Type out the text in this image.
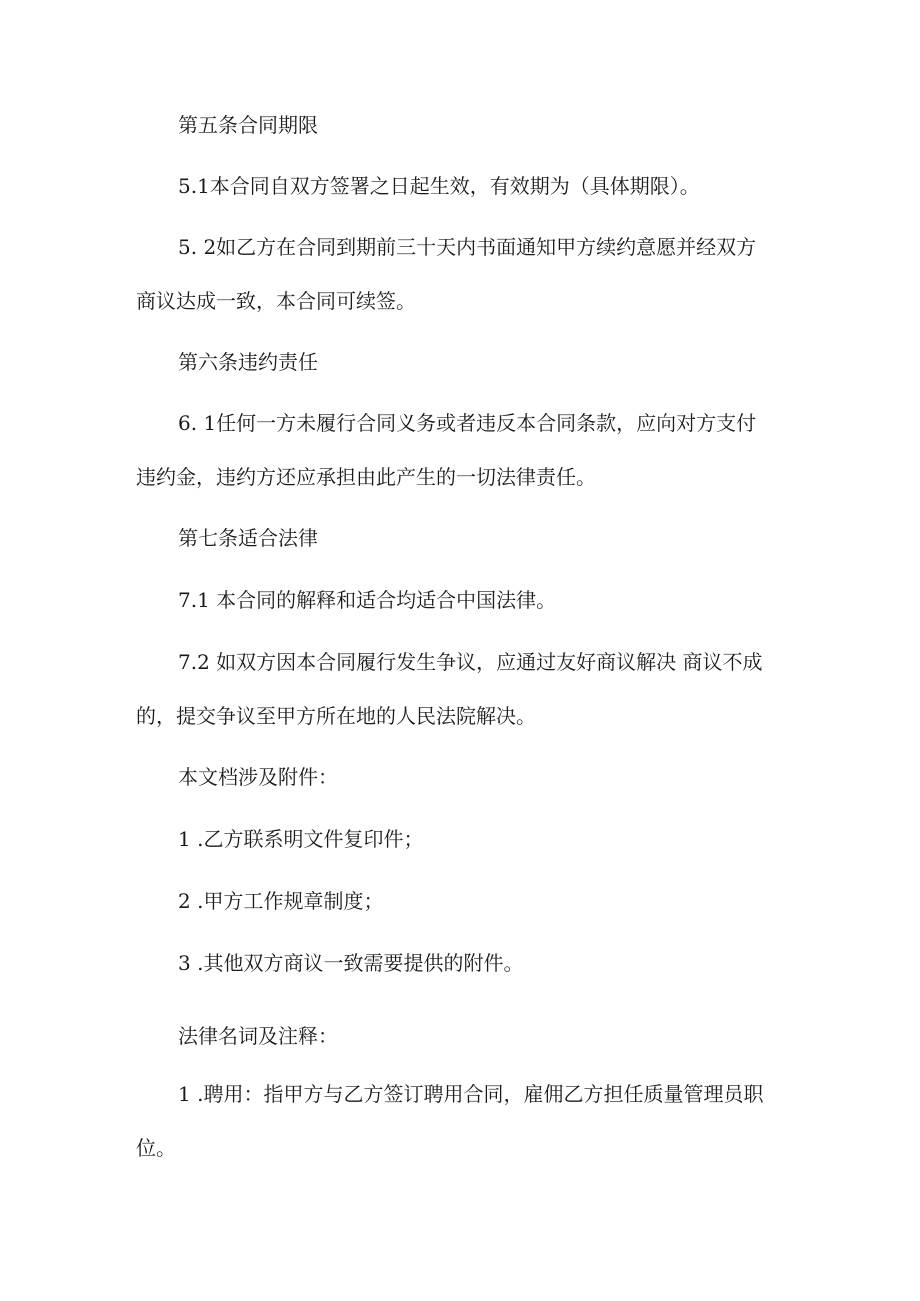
第五条合同期限
5.1本合同自双方签署之日起生效，有效期为（具体期限）。
5. 2如乙方在合同到期前三十天内书面通知甲方续约意愿并经双方
商议达成一致，本合同可续签。
第六条违约责任
6. 1任何一方未履行合同义务或者违反本合同条款，应向对方支付
违约金，违约方还应承担由此产生的一切法律责任。
第七条适合法律
7.1 本合同的解释和适合均适合中国法律。
7.2 如双方因本合同履行发生争议，应通过友好商议解决 商议不成
的，提交争议至甲方所在地的人民法院解决。
本文档涉及附件：
1 .乙方联系明文件复印件；
2 .甲方工作规章制度；
3 .其他双方商议一致需要提供的附件。
法律名词及注释：
1 .聘用：指甲方与乙方签订聘用合同，雇佣乙方担任质量管理员职
位。
